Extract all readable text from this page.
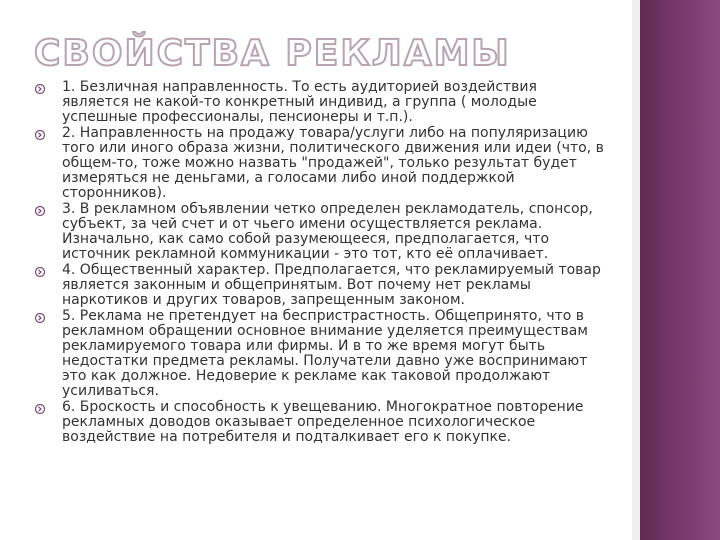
СВОЙСТВА РЕКЛАМЫ
1. Безличная направленность. То есть аудиторией воздействия является не какой-то конкретный индивид, а группа ( молодые успешные профессионалы, пенсионеры и т.п.).
2. Направленность на продажу товара/услуги либо на популяризацию того или иного образа жизни, политического движения или идеи (что, в общем-то, тоже можно назвать "продажей", только результат будет измеряться не деньгами, а голосами либо иной поддержкой сторонников).
3. В рекламном объявлении четко определен рекламодатель, спонсор, субъект, за чей счет и от чьего имени осуществляется реклама. Изначально, как само собой разумеющееся, предполагается, что источник рекламной коммуникации - это тот, кто её оплачивает.
4. Общественный характер. Предполагается, что рекламируемый товар является законным и общепринятым. Вот почему нет рекламы наркотиков и других товаров, запрещенным законом.
5. Реклама не претендует на беспристрастность. Общепринято, что в рекламном обращении основное внимание уделяется преимуществам рекламируемого товара или фирмы. И в то же время могут быть недостатки предмета рекламы. Получатели давно уже воспринимают это как должное. Недоверие к рекламе как таковой продолжают усиливаться.
6. Броскость и способность к увещеванию. Многократное повторение рекламных доводов оказывает определенное психологическое воздействие на потребителя и подталкивает его к покупке.
